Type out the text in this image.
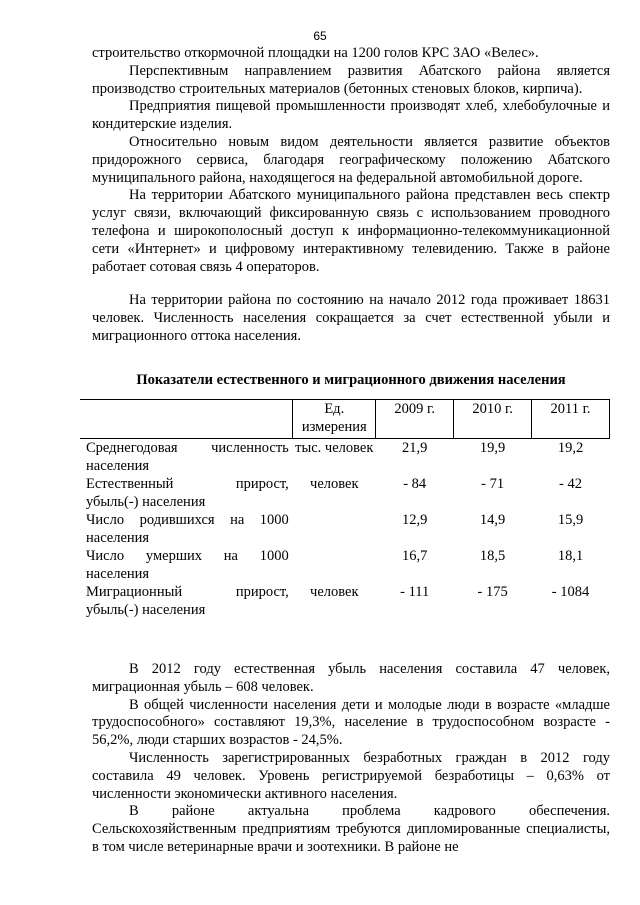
65

строительство откормочной площадки на 1200 голов КРС ЗАО «Велес».

Перспективным направлением развития Абатского района является производство строительных материалов (бетонных стеновых блоков, кирпича).

Предприятия пищевой промышленности производят хлеб, хлебобулочные и кондитерские изделия.

Относительно новым видом деятельности является развитие объектов придорожного сервиса, благодаря географическому положению Абатского муниципального района, находящегося на федеральной автомобильной дороге.

На территории Абатского муниципального района представлен весь спектр услуг связи, включающий фиксированную связь с использованием проводного телефона и широкополосный доступ к информационно-телекоммуникационной сети «Интернет» и цифровому интерактивному телевидению. Также в районе работает сотовая связь 4 операторов.

На территории района по состоянию на начало 2012 года проживает 18631 человек. Численность населения сокращается за счет естественной убыли и миграционного оттока населения.

Показатели естественного и миграционного движения населения
	Ед. измерения	2009 г.	2010 г.	2011 г.
Среднегодовая численность
населения	тыс. человек	21,9	19,9	19,2
Естественный прирост,
убыль(-) населения	человек	- 84	- 71	- 42
Число родившихся на 1000
населения		12,9	14,9	15,9
Число умерших на 1000
населения		16,7	18,5	18,1
Миграционный прирост,
убыль(-) населения	человек	- 111	- 175	- 1084

В 2012 году естественная убыль населения составила 47 человек, миграционная убыль – 608 человек.

В общей численности населения дети и молодые люди в возрасте «младше трудоспособного» составляют 19,3%, население в трудоспособном возрасте - 56,2%, люди старших возрастов - 24,5%.

Численность зарегистрированных безработных граждан в 2012 году составила 49 человек. Уровень регистрируемой безработицы – 0,63% от численности экономически активного населения.

В районе актуальна проблема кадрового обеспечения. Сельскохозяйственным предприятиям требуются дипломированные специалисты, в том числе ветеринарные врачи и зоотехники. В районе не
